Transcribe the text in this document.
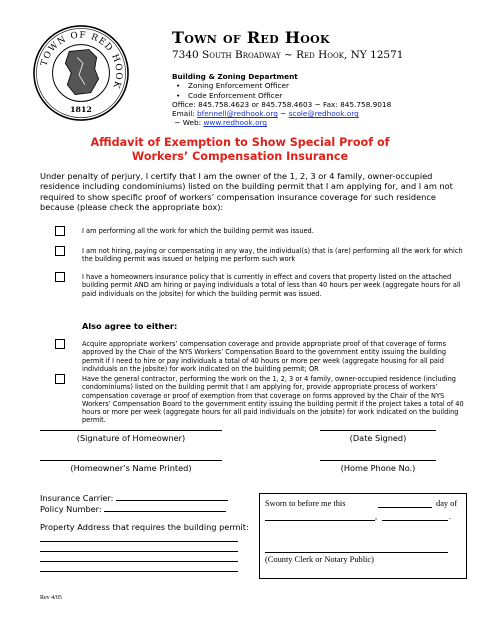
TOWN OF RED HOOK
1812
Town of Red Hook
7340 South Broadway ~ Red Hook, NY 12571
Building & Zoning Department
• Zoning Enforcement Officer
• Code Enforcement Officer
Office: 845.758.4623 or 845.758.4603 ~ Fax: 845.758.9018
Email: bfennell@redhook.org ~ scole@redhook.org
~ Web: www.redhook.org
Affidavit of Exemption to Show Special Proof of
Workers’ Compensation Insurance
Under penalty of perjury, I certify that I am the owner of the 1, 2, 3 or 4 family, owner-occupied residence including condominiums) listed on the building permit that I am applying for, and I am not required to show specific proof of workers’ compensation insurance coverage for such residence because (please check the appropriate box):
I am performing all the work for which the building permit was issued.
I am not hiring, paying or compensating in any way, the individual(s) that is (are) performing all the work for which the building permit was issued or helping me perform such work
I have a homeowners insurance policy that is currently in effect and covers that property listed on the attached building permit AND am hiring or paying individuals a total of less than 40 hours per week (aggregate hours for all paid individuals on the jobsite) for which the building permit was issued.
Also agree to either:
Acquire appropriate workers’ compensation coverage and provide appropriate proof of that coverage of forms approved by the Chair of the NYS Workers’ Compensation Board to the government entity issuing the building permit if I need to hire or pay individuals a total of 40 hours or more per week (aggregate housing for all paid individuals on the jobsite) for work indicated on the building permit; OR
Have the general contractor, performing the work on the 1, 2, 3 or 4 family, owner-occupied residence (including condominiums) listed on the building permit that I am applying for, provide appropriate process of workers’ compensation coverage or proof of exemption from that coverage on forms approved by the Chair of the NYS Workers’ Compensation Board to the government entity issuing the building permit if the project takes a total of 40 hours or more per week (aggregate hours for all paid individuals on the jobsite) for work indicated on the building permit.
(Signature of Homeowner)	(Date Signed)
(Homeowner’s Name Printed)	(Home Phone No.)
Insurance Carrier:
Policy Number:
Property Address that requires the building permit:
Sworn to before me this	day of
,	.
(County Clerk or Notary Public)
Rev 4/05
